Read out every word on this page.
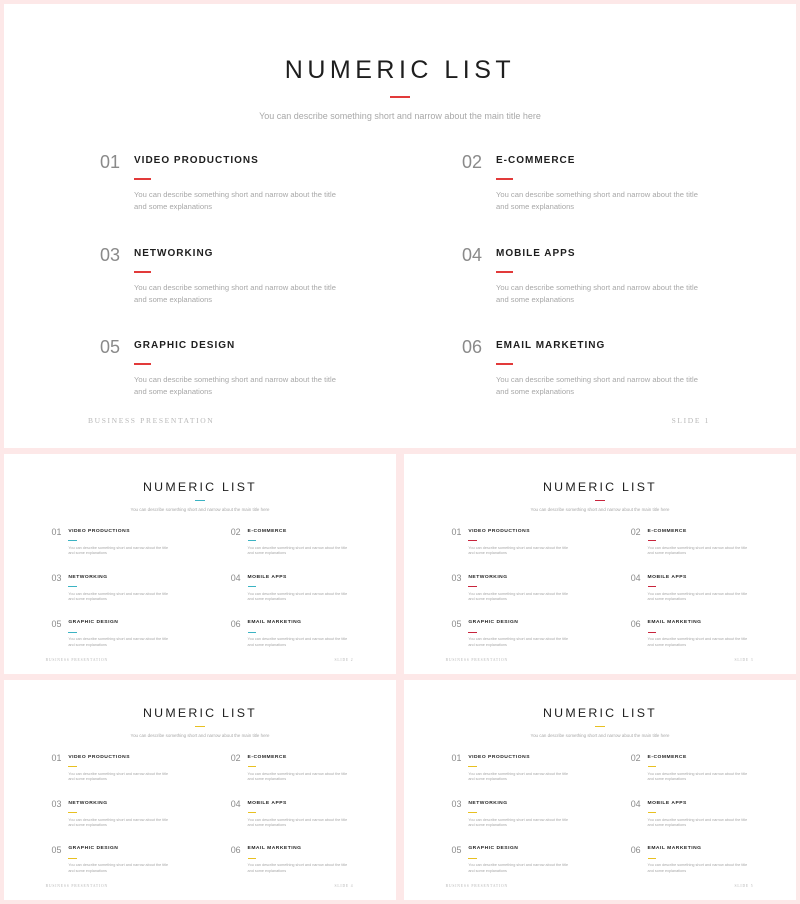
NUMERIC LIST
You can describe something short and narrow about the main title here
01 VIDEO PRODUCTIONS
You can describe something short and narrow about the title and some explanations
02 E-COMMERCE
You can describe something short and narrow about the title and some explanations
03 NETWORKING
You can describe something short and narrow about the title and some explanations
04 MOBILE APPS
You can describe something short and narrow about the title and some explanations
05 GRAPHIC DESIGN
You can describe something short and narrow about the title and some explanations
06 EMAIL MARKETING
You can describe something short and narrow about the title and some explanations
BUSINESS PRESENTATION	SLIDE 1
NUMERIC LIST
You can describe something short and narrow about the main title here
01 VIDEO PRODUCTIONS
You can describe something short and narrow about the title and some explanations
02 E-COMMERCE
You can describe something short and narrow about the title and some explanations
03 NETWORKING
You can describe something short and narrow about the title and some explanations
04 MOBILE APPS
You can describe something short and narrow about the title and some explanations
05 GRAPHIC DESIGN
You can describe something short and narrow about the title and some explanations
06 EMAIL MARKETING
You can describe something short and narrow about the title and some explanations
BUSINESS PRESENTATION	SLIDE 2
NUMERIC LIST
You can describe something short and narrow about the main title here
01 VIDEO PRODUCTIONS
You can describe something short and narrow about the title and some explanations
02 E-COMMERCE
You can describe something short and narrow about the title and some explanations
03 NETWORKING
You can describe something short and narrow about the title and some explanations
04 MOBILE APPS
You can describe something short and narrow about the title and some explanations
05 GRAPHIC DESIGN
You can describe something short and narrow about the title and some explanations
06 EMAIL MARKETING
You can describe something short and narrow about the title and some explanations
BUSINESS PRESENTATION	SLIDE 3
NUMERIC LIST
You can describe something short and narrow about the main title here
01 VIDEO PRODUCTIONS
You can describe something short and narrow about the title and some explanations
02 E-COMMERCE
You can describe something short and narrow about the title and some explanations
03 NETWORKING
You can describe something short and narrow about the title and some explanations
04 MOBILE APPS
You can describe something short and narrow about the title and some explanations
05 GRAPHIC DESIGN
You can describe something short and narrow about the title and some explanations
06 EMAIL MARKETING
You can describe something short and narrow about the title and some explanations
BUSINESS PRESENTATION	SLIDE 4
NUMERIC LIST
You can describe something short and narrow about the main title here
01 VIDEO PRODUCTIONS
You can describe something short and narrow about the title and some explanations
02 E-COMMERCE
You can describe something short and narrow about the title and some explanations
03 NETWORKING
You can describe something short and narrow about the title and some explanations
04 MOBILE APPS
You can describe something short and narrow about the title and some explanations
05 GRAPHIC DESIGN
You can describe something short and narrow about the title and some explanations
06 EMAIL MARKETING
You can describe something short and narrow about the title and some explanations
BUSINESS PRESENTATION	SLIDE 5
